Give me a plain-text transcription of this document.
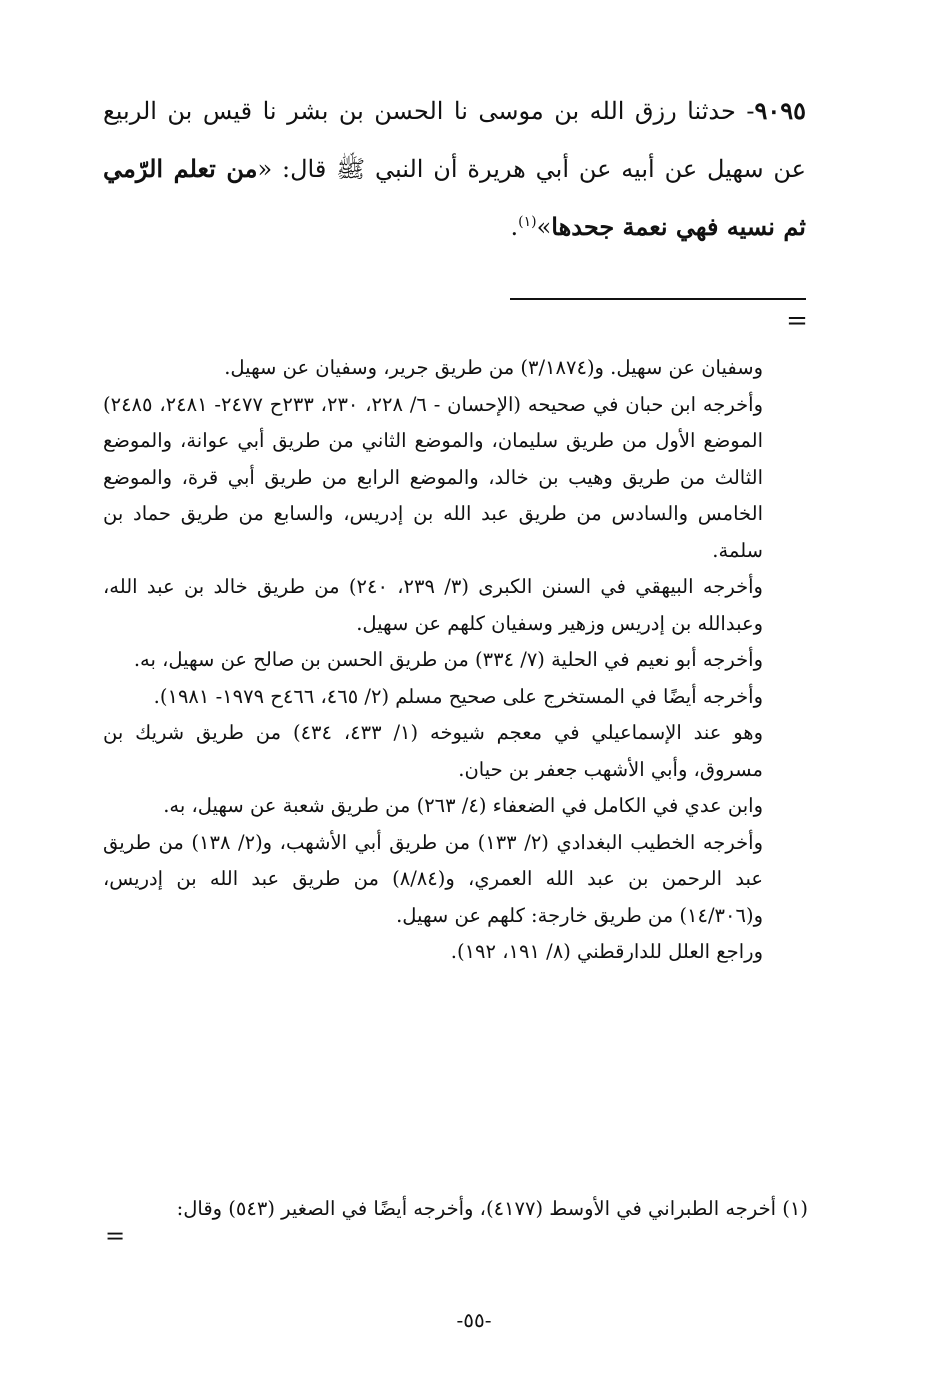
٩٠٩٥- حدثنا رزق الله بن موسى نا الحسن بن بشر نا قيس بن الربيع عن سهيل عن أبيه عن أبي هريرة أن النبي ﷺ قال: «من تعلم الرّمي ثم نسيه فهي نعمة جحدها»$^{(١)}$.
=

وسفيان عن سهيل. و(٣/١٨٧٤) من طريق جرير، وسفيان عن سهيل.

وأخرجه ابن حبان في صحيحه (الإحسان - ٦/ ٢٢٨، ٢٣٠، ٢٣٣ح ٢٤٧٧- ٢٤٨١، ٢٤٨٥) الموضع الأول من طريق سليمان، والموضع الثاني من طريق أبي عوانة، والموضع الثالث من طريق وهيب بن خالد، والموضع الرابع من طريق أبي قرة، والموضع الخامس والسادس من طريق عبد الله بن إدريس، والسابع من طريق حماد بن سلمة.

وأخرجه البيهقي في السنن الكبرى (٣/ ٢٣٩، ٢٤٠) من طريق خالد بن عبد الله، وعبدالله بن إدريس وزهير وسفيان كلهم عن سهيل.

وأخرجه أبو نعيم في الحلية (٧/ ٣٣٤) من طريق الحسن بن صالح عن سهيل، به.

وأخرجه أيضًا في المستخرج على صحيح مسلم (٢/ ٤٦٥، ٤٦٦ح ١٩٧٩- ١٩٨١).

وهو عند الإسماعيلي في معجم شيوخه (١/ ٤٣٣، ٤٣٤) من طريق شريك بن مسروق، وأبي الأشهب جعفر بن حيان.

وابن عدي في الكامل في الضعفاء (٤/ ٢٦٣) من طريق شعبة عن سهيل، به.

وأخرجه الخطيب البغدادي (٢/ ١٣٣) من طريق أبي الأشهب، و(٢/ ١٣٨) من طريق عبد الرحمن بن عبد الله العمري، و(٨/٨٤) من طريق عبد الله بن إدريس، و(١٤/٣٠٦) من طريق خارجة: كلهم عن سهيل.

وراجع العلل للدارقطني (٨/ ١٩١، ١٩٢).

(١) أخرجه الطبراني في الأوسط (٤١٧٧)، وأخرجه أيضًا في الصغير (٥٤٣) وقال:
=
-٥٥-
